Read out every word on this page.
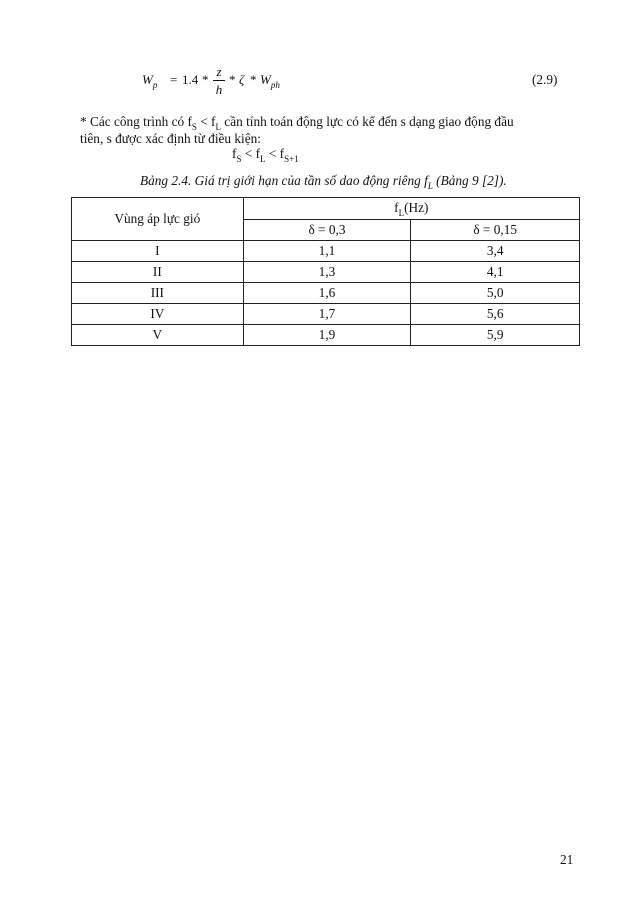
$W_p = 1.4$ *
z
h
* ζ * $W_{ph}$	(2.9)
* Các công trình có $f_S < f_L$ cần tính toán động lực có kể đến s dạng giao động đầu
tiên, s được xác định từ điều kiện:
$f_S < f_L < f_{S+1}$
Bảng 2.4. Giá trị giới hạn của tần số dao động riêng $f_L$ (Bảng 9 [2]).
Vùng áp lực gió	$f_L(Hz)$	
	δ = 0,3	δ = 0,15
I	1,1	3,4
II	1,3	4,1
III	1,6	5,0
IV	1,7	5,6
V	1,9	5,9
21
